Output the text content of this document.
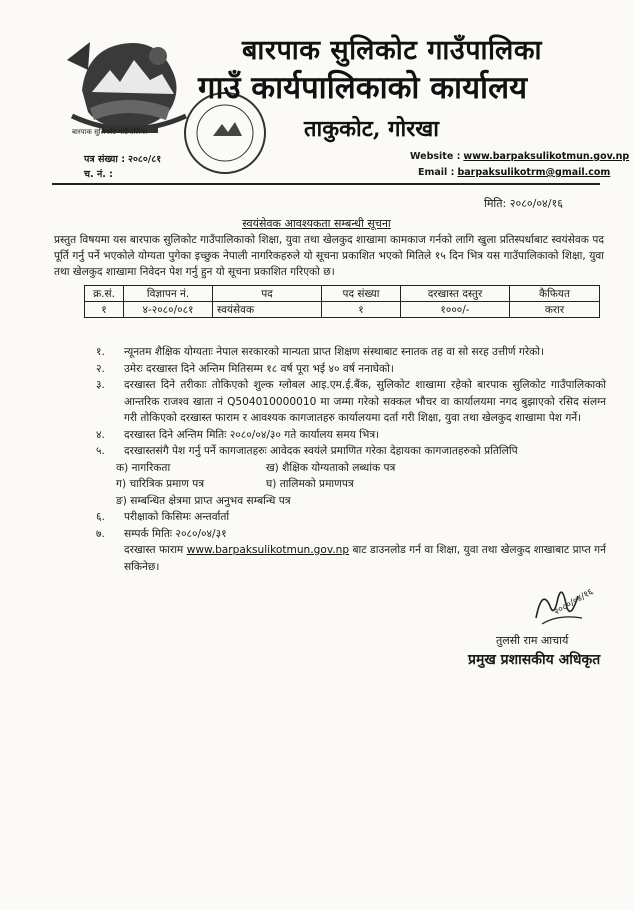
बारपाक सुलिकोट गाउँपालिका
बारपाक सुलिकोट गाउँपालिका
गाउँ कार्यपालिकाको कार्यालय
ताकुकोट, गोरखा
पत्र संख्या : २०८०/८१
च. नं. :
Website : www.barpaksulikotmun.gov.np
Email : barpaksulikotrm@gmail.com
मिति: २०८०/०४/१६
स्वयंसेवक आवश्यकता सम्बन्धी सूचना
प्रस्तुत विषयमा यस बारपाक सुलिकोट गाउँपालिकाको शिक्षा, युवा तथा खेलकुद शाखामा कामकाज गर्नको लागि खुला प्रतिस्पर्धाबाट स्वयंसेवक पद पूर्ति गर्नु पर्ने भएकोले योग्यता पुगेका इच्छुक नेपाली नागरिकहरुले यो सूचना प्रकाशित भएको मितिले १५ दिन भित्र यस गाउँपालिकाको शिक्षा, युवा तथा खेलकुद शाखामा निवेदन पेश गर्नु हुन यो सूचना प्रकाशित गरिएको छ।
क्र.सं.	विज्ञापन नं.	पद	पद संख्या	दरखास्त दस्तुर	कैफियत
१	४-२०८०/०८१	स्वयंसेवक	१	१०००/-	करार
१. न्यूनतम शैक्षिक योग्यताः नेपाल सरकारको मान्यता प्राप्त शिक्षण संस्थाबाट स्नातक तह वा सो सरह उत्तीर्ण गरेको।
२. उमेरः दरखास्त दिने अन्तिम मितिसम्म १८ वर्ष पूरा भई ४० वर्ष ननाघेको।
३. दरखास्त दिने तरीकाः तोकिएको शुल्क ग्लोबल आइ.एम.ई.बैंक, सुलिकोट शाखामा रहेको बारपाक सुलिकोट गाउँपालिकाको आन्तरिक राजश्व खाता नं Q504010000010 मा जम्मा गरेको सक्कल भौचर वा कार्यालयमा नगद बुझाएको रसिद संलग्न गरी तोकिएको दरखास्त फाराम र आवश्यक कागजातहरु कार्यालयमा दर्ता गरी शिक्षा, युवा तथा खेलकुद शाखामा पेश गर्ने।
४. दरखास्त दिने अन्तिम मितिः २०८०/०४/३० गते कार्यालय समय भित्र।
५. दरखास्तसंगै पेश गर्नु पर्ने कागजातहरुः आवेदक स्वयंले प्रमाणित गरेका देहायका कागजातहरुको प्रतिलिपि
क) नागरिकता	ख) शैक्षिक योग्यताको लब्धांक पत्र
ग) चारित्रिक प्रमाण पत्र	घ) तालिमको प्रमाणपत्र
ङ) सम्बन्धित क्षेत्रमा प्राप्त अनुभव सम्बन्धि पत्र
६. परीक्षाको किसिमः अन्तर्वार्ता
७. सम्पर्क मितिः २०८०/०४/३१
दरखास्त फाराम www.barpaksulikotmun.gov.np बाट डाउनलोड गर्न वा शिक्षा, युवा तथा खेलकुद शाखाबाट प्राप्त गर्न सकिनेछ।
२०८०/०४/१६
तुलसी राम आचार्य
प्रमुख प्रशासकीय अधिकृत
